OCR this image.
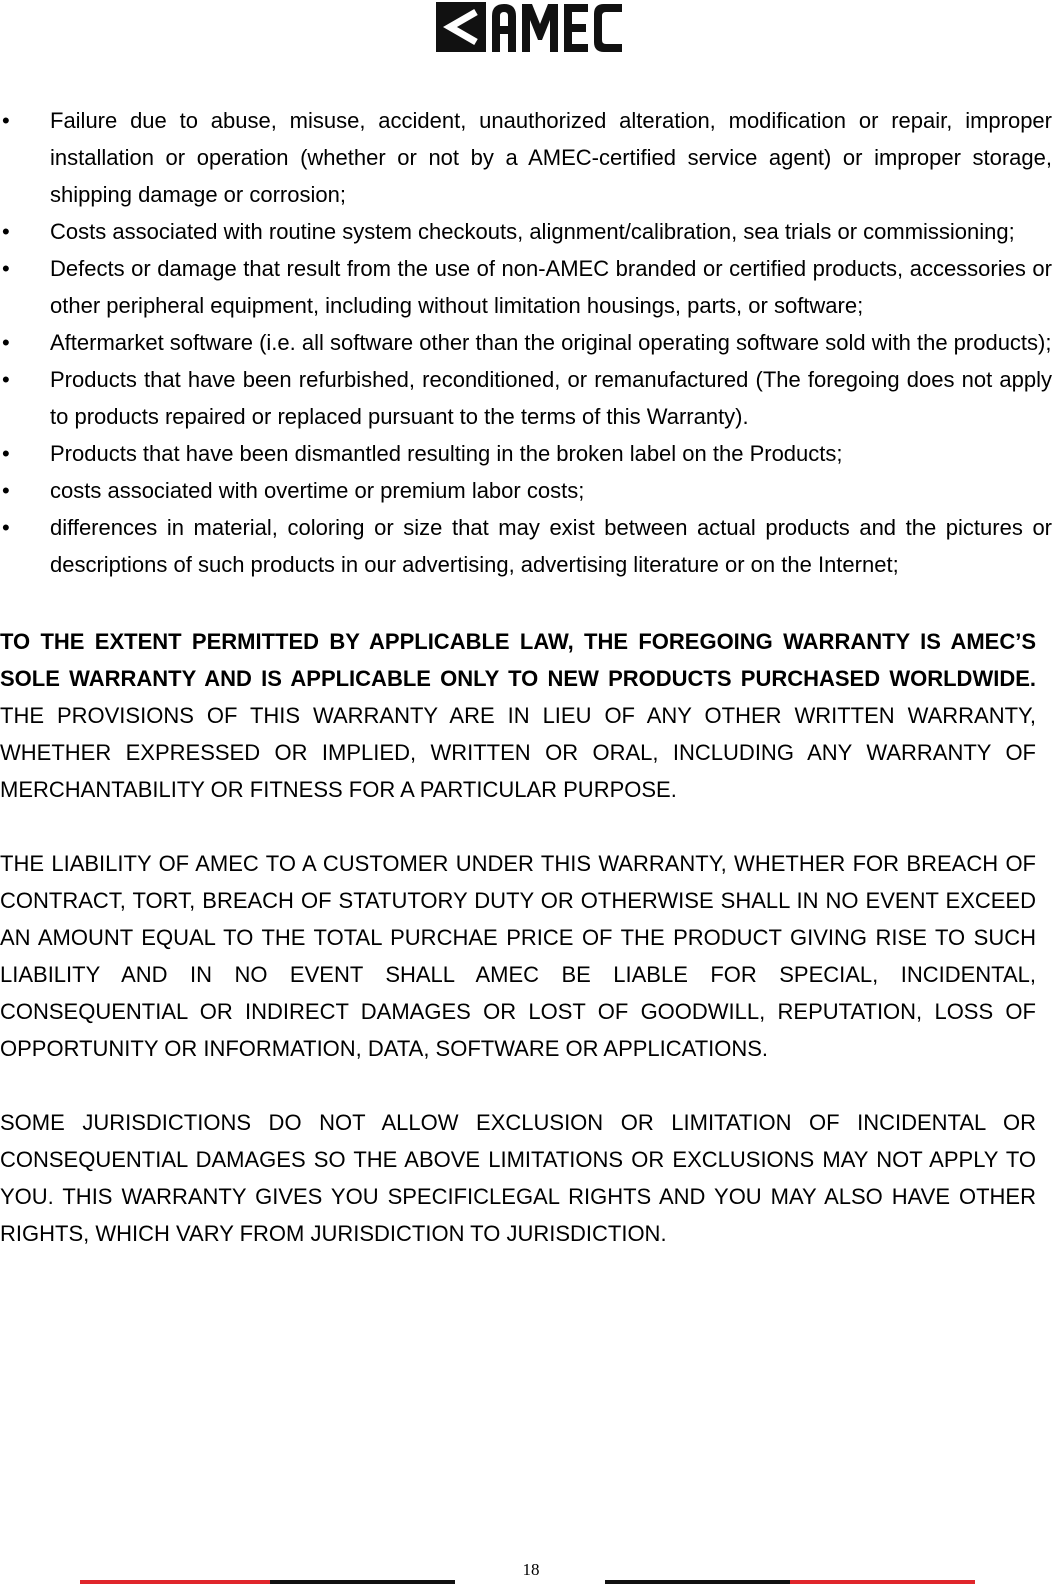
•	Failure due to abuse, misuse, accident, unauthorized alteration, modification or repair, improper installation or operation (whether or not by a AMEC-certified service agent) or improper storage, shipping damage or corrosion;
•	Costs associated with routine system checkouts, alignment/calibration, sea trials or commissioning;
•	Defects or damage that result from the use of non-AMEC branded or certified products, accessories or other peripheral equipment, including without limitation housings, parts, or software;
•	Aftermarket software (i.e. all software other than the original operating software sold with the products);
•	Products that have been refurbished, reconditioned, or remanufactured (The foregoing does not apply to products repaired or replaced pursuant to the terms of this Warranty).
•	Products that have been dismantled resulting in the broken label on the Products;
•	costs associated with overtime or premium labor costs;
•	differences in material, coloring or size that may exist between actual products and the pictures or descriptions of such products in our advertising, advertising literature or on the Internet;

TO THE EXTENT PERMITTED BY APPLICABLE LAW, THE FOREGOING WARRANTY IS AMEC’S SOLE WARRANTY AND IS APPLICABLE ONLY TO NEW PRODUCTS PURCHASED WORLDWIDE. THE PROVISIONS OF THIS WARRANTY ARE IN LIEU OF ANY OTHER WRITTEN WARRANTY, WHETHER EXPRESSED OR IMPLIED, WRITTEN OR ORAL, INCLUDING ANY WARRANTY OF MERCHANTABILITY OR FITNESS FOR A PARTICULAR PURPOSE.

THE LIABILITY OF AMEC TO A CUSTOMER UNDER THIS WARRANTY, WHETHER FOR BREACH OF CONTRACT, TORT, BREACH OF STATUTORY DUTY OR OTHERWISE SHALL IN NO EVENT EXCEED AN AMOUNT EQUAL TO THE TOTAL PURCHAE PRICE OF THE PRODUCT GIVING RISE TO SUCH LIABILITY AND IN NO EVENT SHALL AMEC BE LIABLE FOR SPECIAL, INCIDENTAL, CONSEQUENTIAL OR INDIRECT DAMAGES OR LOST OF GOODWILL, REPUTATION, LOSS OF OPPORTUNITY OR INFORMATION, DATA, SOFTWARE OR APPLICATIONS.

SOME JURISDICTIONS DO NOT ALLOW EXCLUSION OR LIMITATION OF INCIDENTAL OR CONSEQUENTIAL DAMAGES SO THE ABOVE LIMITATIONS OR EXCLUSIONS MAY NOT APPLY TO YOU. THIS WARRANTY GIVES YOU SPECIFICLEGAL RIGHTS AND YOU MAY ALSO HAVE OTHER RIGHTS, WHICH VARY FROM JURISDICTION TO JURISDICTION.

18
